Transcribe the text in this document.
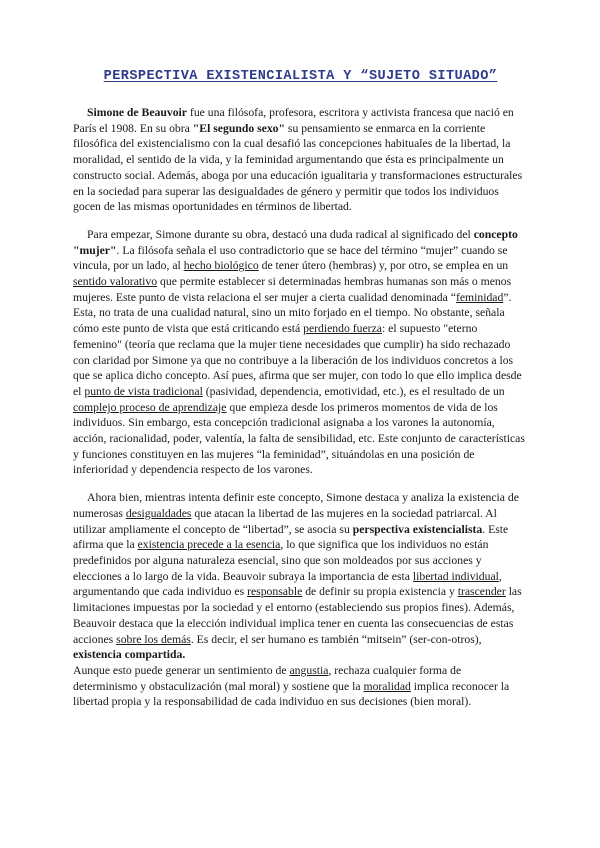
PERSPECTIVA EXISTENCIALISTA Y “SUJETO SITUADO”

Simone de Beauvoir fue una filósofa, profesora, escritora y activista francesa que nació en París el 1908. En su obra "El segundo sexo" su pensamiento se enmarca en la corriente filosófica del existencialismo con la cual desafió las concepciones habituales de la libertad, la moralidad, el sentido de la vida, y la feminidad argumentando que ésta es principalmente un constructo social. Además, aboga por una educación igualitaria y transformaciones estructurales en la sociedad para superar las desigualdades de género y permitir que todos los individuos gocen de las mismas oportunidades en términos de libertad.

Para empezar, Simone durante su obra, destacó una duda radical al significado del concepto "mujer". La filósofa señala el uso contradictorio que se hace del término “mujer” cuando se vincula, por un lado, al hecho biológico de tener útero (hembras) y, por otro, se emplea en un sentido valorativo que permite establecer si determinadas hembras humanas son más o menos mujeres. Este punto de vista relaciona el ser mujer a cierta cualidad denominada “feminidad”. Esta, no trata de una cualidad natural, sino un mito forjado en el tiempo. No obstante, señala cómo este punto de vista que está criticando está perdiendo fuerza: el supuesto "eterno femenino" (teoría que reclama que la mujer tiene necesidades que cumplir) ha sido rechazado con claridad por Simone ya que no contribuye a la liberación de los individuos concretos a los que se aplica dicho concepto. Así pues, afirma que ser mujer, con todo lo que ello implica desde el punto de vista tradicional (pasividad, dependencia, emotividad, etc.), es el resultado de un complejo proceso de aprendizaje que empieza desde los primeros momentos de vida de los individuos. Sin embargo, esta concepción tradicional asignaba a los varones la autonomía, acción, racionalidad, poder, valentía, la falta de sensibilidad, etc. Este conjunto de características y funciones constituyen en las mujeres “la feminidad”, situándolas en una posición de inferioridad y dependencia respecto de los varones.

Ahora bien, mientras intenta definir este concepto, Simone destaca y analiza la existencia de numerosas desigualdades que atacan la libertad de las mujeres en la sociedad patriarcal. Al utilizar ampliamente el concepto de “libertad”, se asocia su perspectiva existencialista. Este afirma que la existencia precede a la esencia, lo que significa que los individuos no están predefinidos por alguna naturaleza esencial, sino que son moldeados por sus acciones y elecciones a lo largo de la vida. Beauvoir subraya la importancia de esta libertad individual, argumentando que cada individuo es responsable de definir su propia existencia y trascender las limitaciones impuestas por la sociedad y el entorno (estableciendo sus propios fines). Además, Beauvoir destaca que la elección individual implica tener en cuenta las consecuencias de estas acciones sobre los demás. Es decir, el ser humano es también “mitsein” (ser-con-otros), existencia compartida.

Aunque esto puede generar un sentimiento de angustia, rechaza cualquier forma de determinismo y obstaculización (mal moral) y sostiene que la moralidad implica reconocer la libertad propia y la responsabilidad de cada individuo en sus decisiones (bien moral).
